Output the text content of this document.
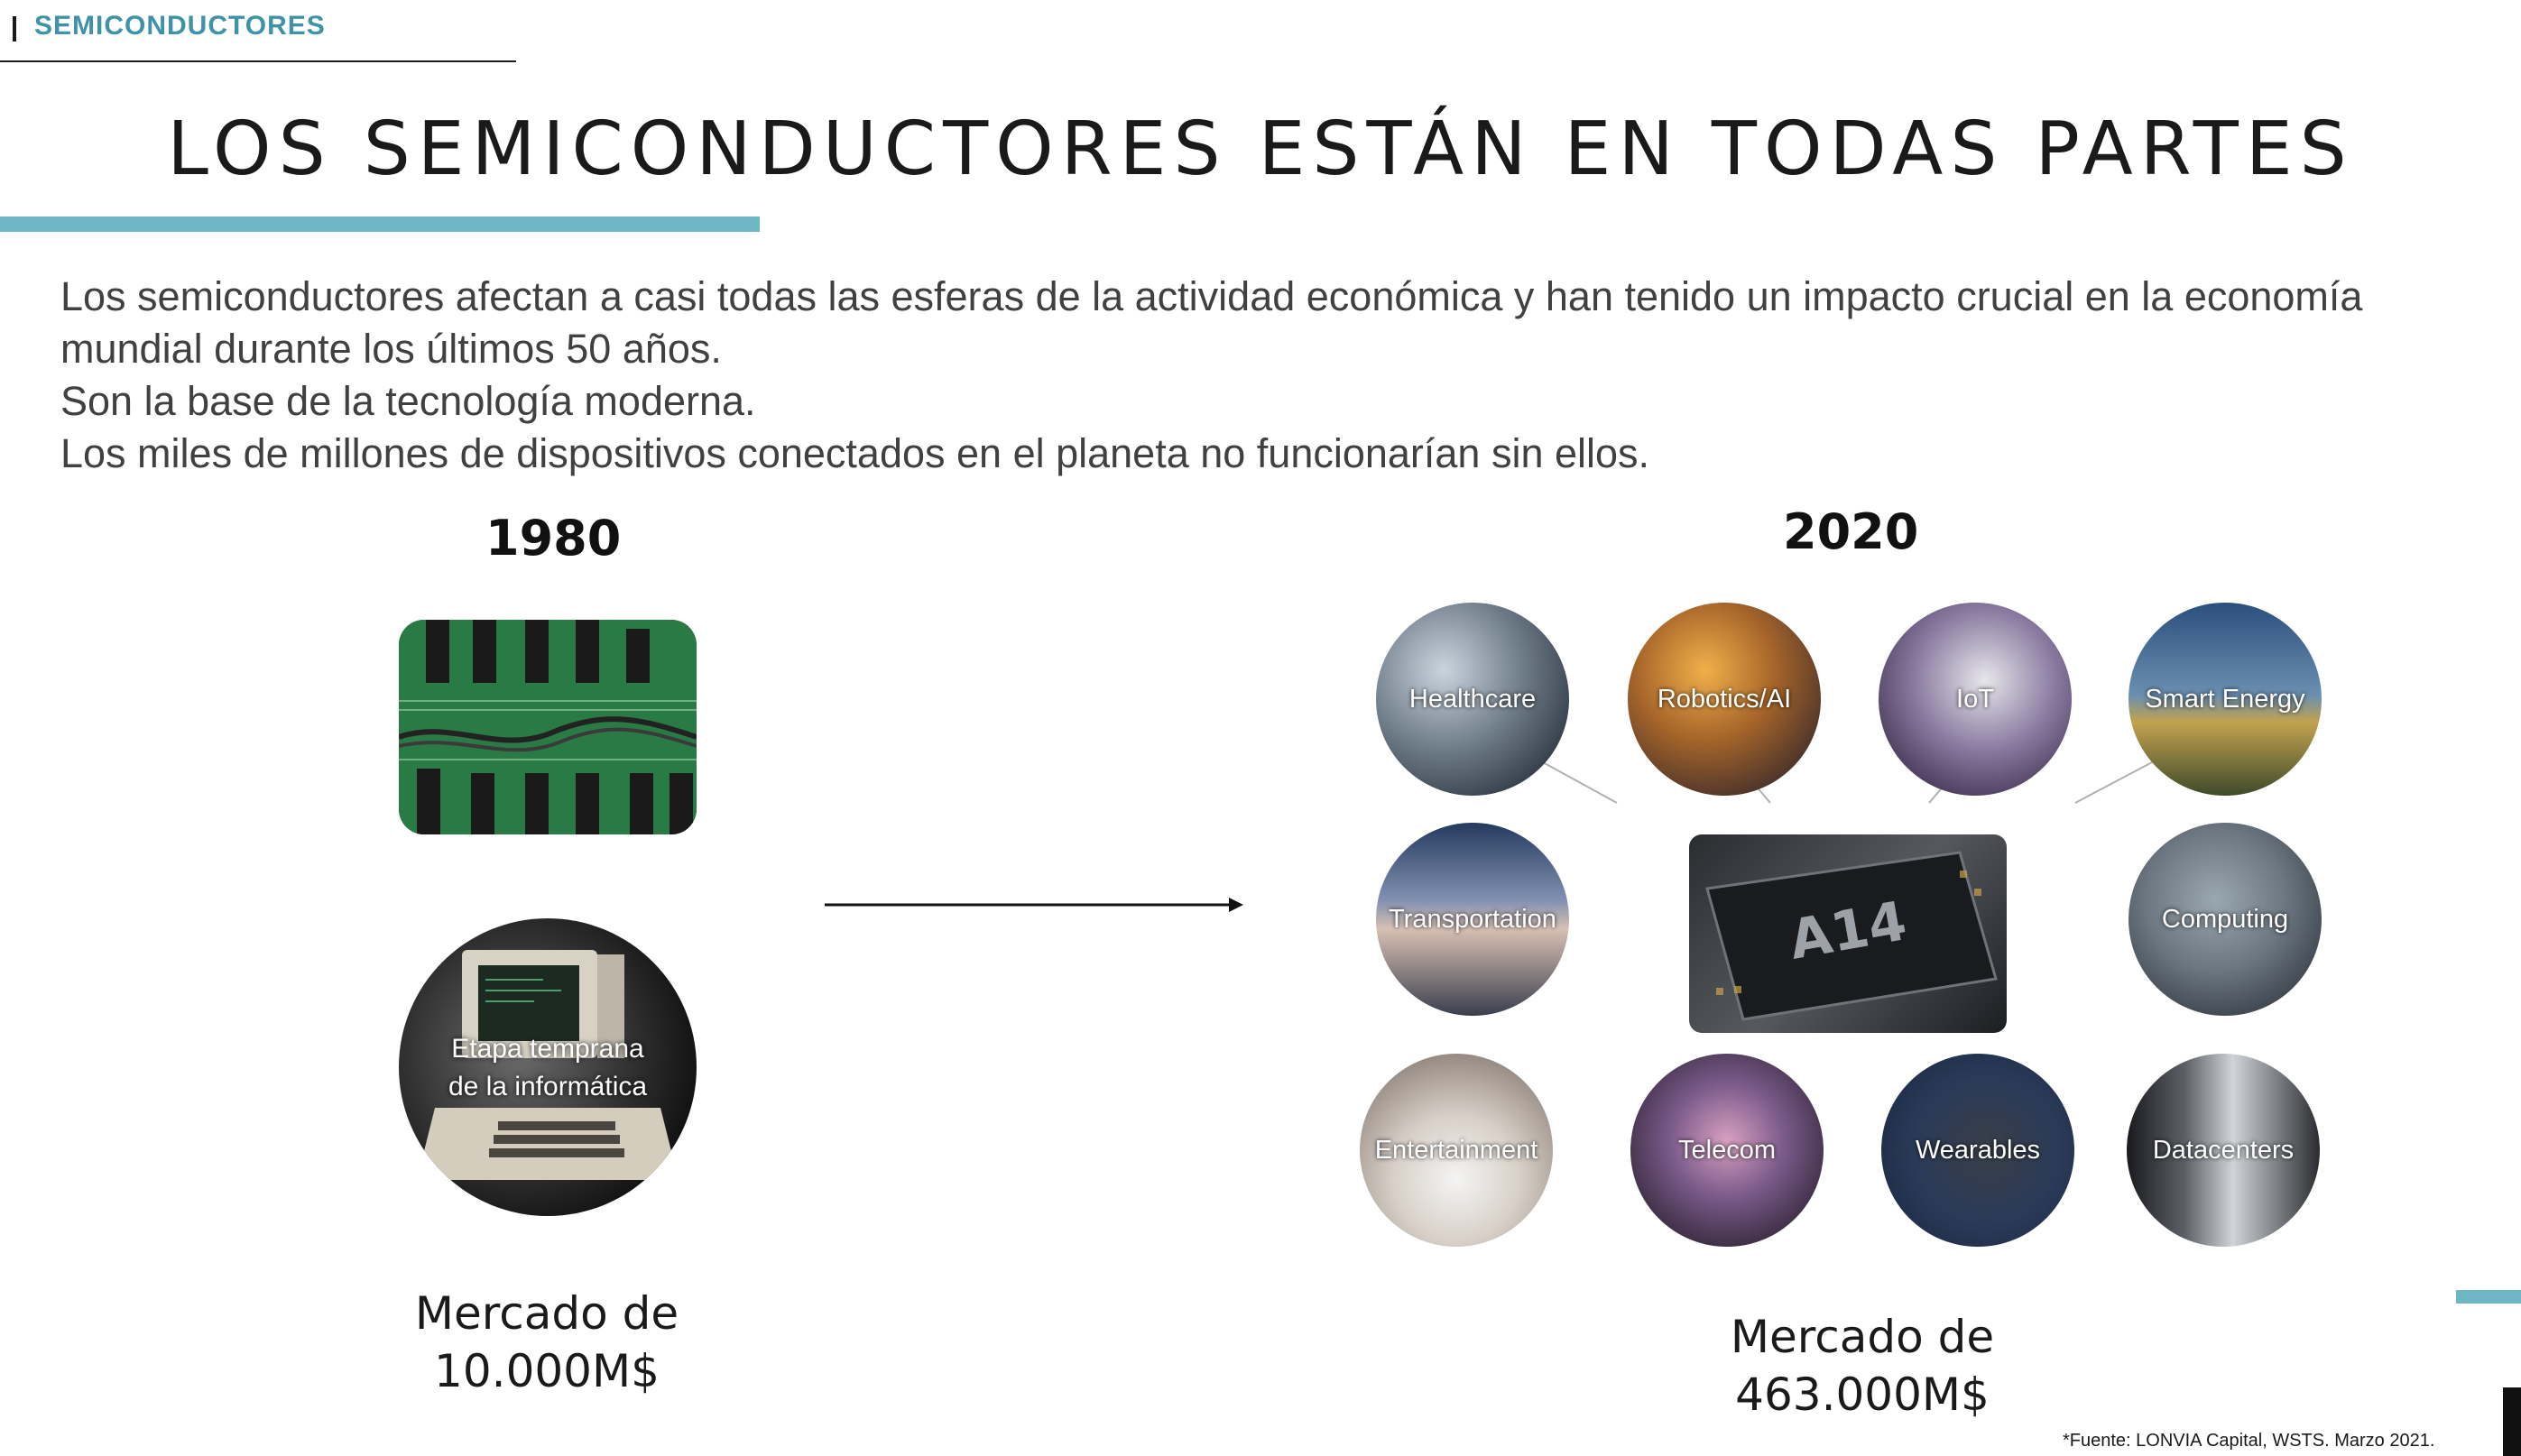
SEMICONDUCTORES
LOS SEMICONDUCTORES ESTÁN EN TODAS PARTES

Los semiconductores afectan a casi todas las esferas de la actividad económica y han tenido un impacto crucial en la economía

mundial durante los últimos 50 años.

Son la base de la tecnología moderna.

Los miles de millones de dispositivos conectados en el planeta no funcionarían sin ellos.

1980
Etapa temprana
de la informática
Mercado de
10.000M$
2020
Healthcare	Robotics/AI	IoT	Smart Energy
Transportation	A14	Computing
Entertainment	Telecom	Wearables	Datacenters
Mercado de
463.000M$
*Fuente: LONVIA Capital, WSTS. Marzo 2021.
